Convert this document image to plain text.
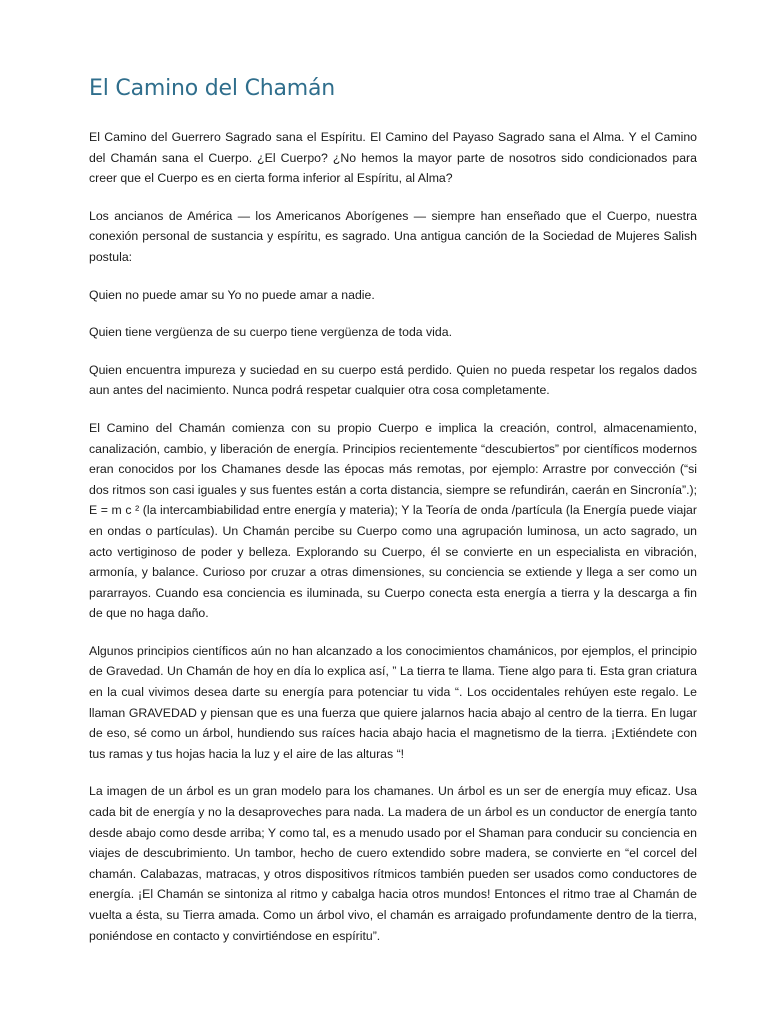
El Camino del Chamán

El Camino del Guerrero Sagrado sana el Espíritu. El Camino del Payaso Sagrado sana el Alma. Y el Camino del Chamán sana el Cuerpo. ¿El Cuerpo? ¿No hemos la mayor parte de nosotros sido condicionados para creer que el Cuerpo es en cierta forma inferior al Espíritu, al Alma?

Los ancianos de América — los Americanos Aborígenes — siempre han enseñado que el Cuerpo, nuestra conexión personal de sustancia y espíritu, es sagrado. Una antigua canción de la Sociedad de Mujeres Salish postula:

Quien no puede amar su Yo no puede amar a nadie.

Quien tiene vergüenza de su cuerpo tiene vergüenza de toda vida.

Quien encuentra impureza y suciedad en su cuerpo está perdido. Quien no pueda respetar los regalos dados aun antes del nacimiento. Nunca podrá respetar cualquier otra cosa completamente.

El Camino del Chamán comienza con su propio Cuerpo e implica la creación, control, almacenamiento, canalización, cambio, y liberación de energía. Principios recientemente “descubiertos” por científicos modernos eran conocidos por los Chamanes desde las épocas más remotas, por ejemplo: Arrastre por convección (“si dos ritmos son casi iguales y sus fuentes están a corta distancia, siempre se refundirán, caerán en Sincronía”.); E = m c ² (la intercambiabilidad entre energía y materia); Y la Teoría de onda /partícula (la Energía puede viajar en ondas o partículas). Un Chamán percibe su Cuerpo como una agrupación luminosa, un acto sagrado, un acto vertiginoso de poder y belleza. Explorando su Cuerpo, él se convierte en un especialista en vibración, armonía, y balance. Curioso por cruzar a otras dimensiones, su conciencia se extiende y llega a ser como un pararrayos. Cuando esa conciencia es iluminada, su Cuerpo conecta esta energía a tierra y la descarga a fin de que no haga daño.

Algunos principios científicos aún no han alcanzado a los conocimientos chamánicos, por ejemplos, el principio de Gravedad. Un Chamán de hoy en día lo explica así, ” La tierra te llama. Tiene algo para ti. Esta gran criatura en la cual vivimos desea darte su energía para potenciar tu vida “. Los occidentales rehúyen este regalo. Le llaman GRAVEDAD y piensan que es una fuerza que quiere jalarnos hacia abajo al centro de la tierra. En lugar de eso, sé como un árbol, hundiendo sus raíces hacia abajo hacia el magnetismo de la tierra. ¡Extiéndete con tus ramas y tus hojas hacia la luz y el aire de las alturas “!

La imagen de un árbol es un gran modelo para los chamanes. Un árbol es un ser de energía muy eficaz. Usa cada bit de energía y no la desaproveches para nada. La madera de un árbol es un conductor de energía tanto desde abajo como desde arriba; Y como tal, es a menudo usado por el Shaman para conducir su conciencia en viajes de descubrimiento. Un tambor, hecho de cuero extendido sobre madera, se convierte en “el corcel del chamán. Calabazas, matracas, y otros dispositivos rítmicos también pueden ser usados como conductores de energía. ¡El Chamán se sintoniza al ritmo y cabalga hacia otros mundos! Entonces el ritmo trae al Chamán de vuelta a ésta, su Tierra amada. Como un árbol vivo, el chamán es arraigado profundamente dentro de la tierra, poniéndose en contacto y convirtiéndose en espíritu”.
